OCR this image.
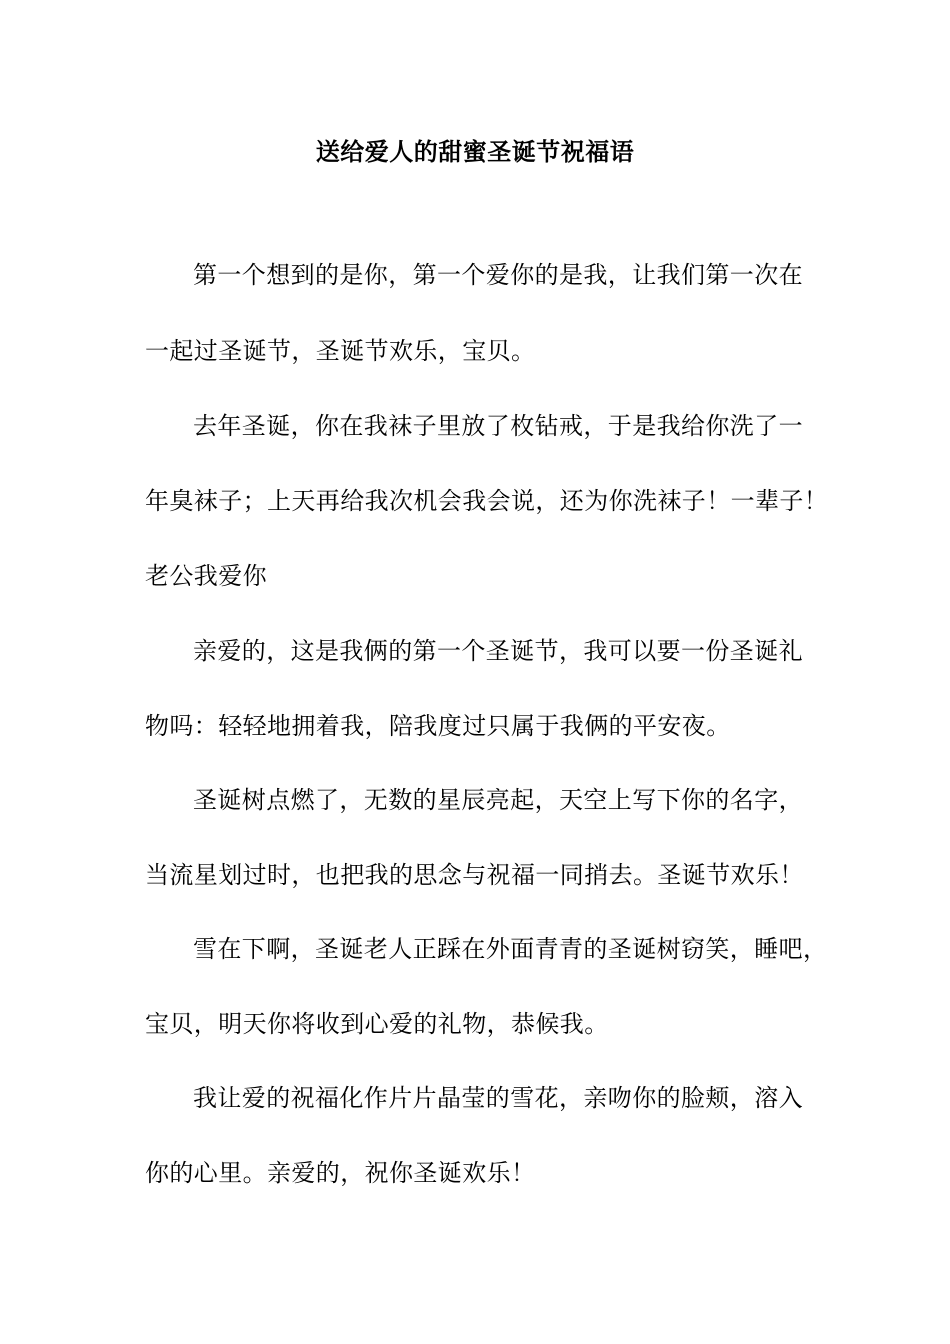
送给爱人的甜蜜圣诞节祝福语
第一个想到的是你，第一个爱你的是我，让我们第一次在
一起过圣诞节，圣诞节欢乐，宝贝。
去年圣诞，你在我袜子里放了枚钻戒，于是我给你洗了一
年臭袜子；上天再给我次机会我会说，还为你洗袜子！一辈子！
老公我爱你
亲爱的，这是我俩的第一个圣诞节，我可以要一份圣诞礼
物吗：轻轻地拥着我，陪我度过只属于我俩的平安夜。
圣诞树点燃了，无数的星辰亮起，天空上写下你的名字，
当流星划过时，也把我的思念与祝福一同捎去。圣诞节欢乐！
雪在下啊，圣诞老人正踩在外面青青的圣诞树窃笑，睡吧，
宝贝，明天你将收到心爱的礼物，恭候我。
我让爱的祝福化作片片晶莹的雪花，亲吻你的脸颊，溶入
你的心里。亲爱的，祝你圣诞欢乐！
